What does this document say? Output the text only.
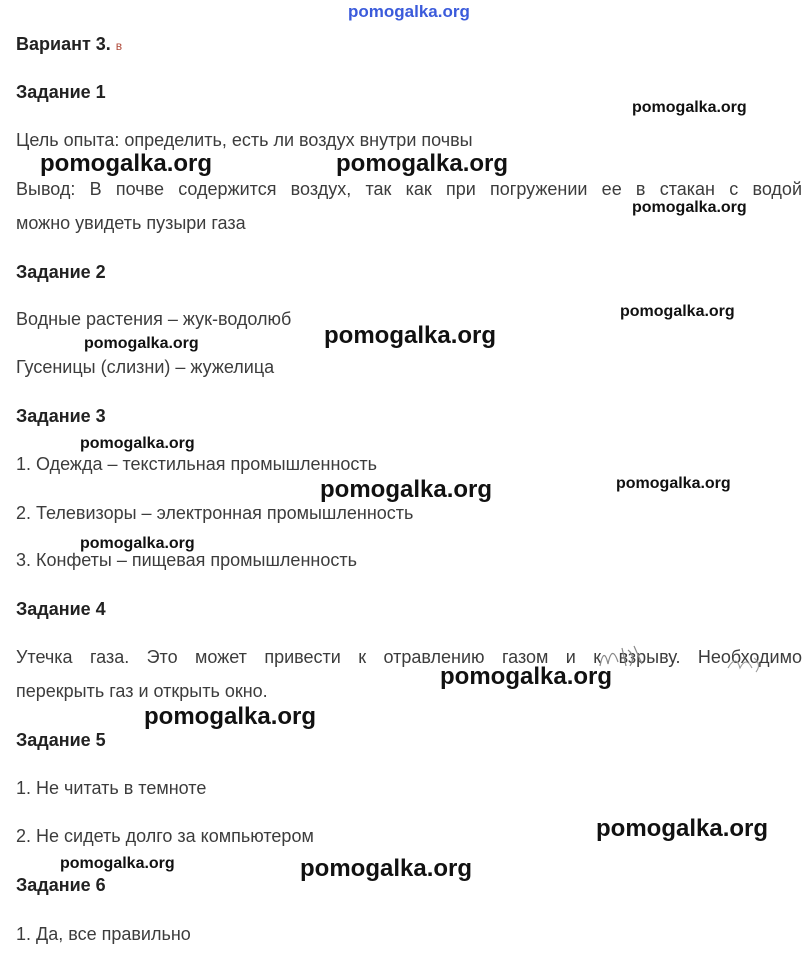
pomogalka.org
Вариант 3. в
Задание 1
Цель опыта: определить, есть ли воздух внутри почвы
Вывод: В почве содержится воздух, так как при погружении ее в стакан с водой
можно увидеть пузыри газа
Задание 2
Водные растения – жук-водолюб
Гусеницы (слизни) – жужелица
Задание 3
1. Одежда – текстильная промышленность
2. Телевизоры – электронная промышленность
3. Конфеты – пищевая промышленность
Задание 4
Утечка газа. Это может привести к отравлению газом и к взрыву. Необходимо
перекрыть газ и открыть окно.
Задание 5
1. Не читать в темноте
2. Не сидеть долго за компьютером
Задание 6
1. Да, все правильно
pomogalka.org
pomogalka.org	pomogalka.org
pomogalka.org
pomogalka.org
pomogalka.org
pomogalka.org
pomogalka.org
pomogalka.org
pomogalka.org
pomogalka.org
pomogalka.org
pomogalka.org
pomogalka.org
pomogalka.org	pomogalka.org
